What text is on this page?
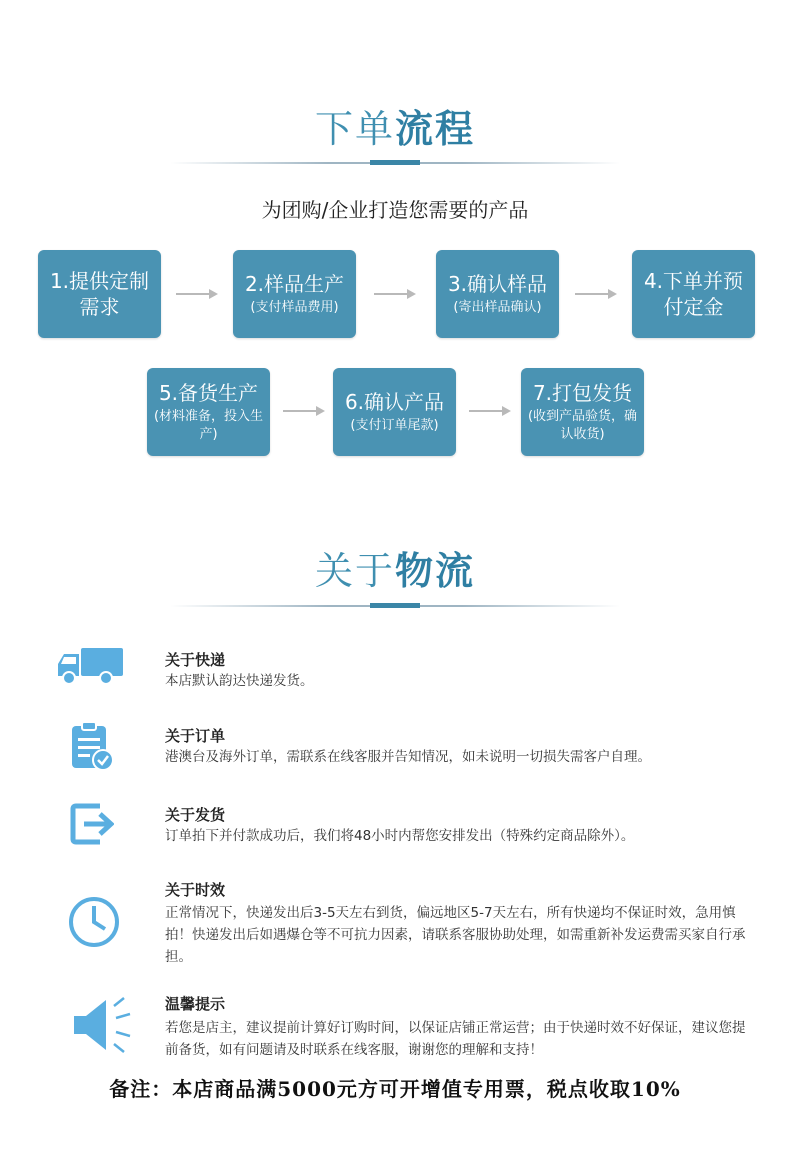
下单流程
为团购/企业打造您需要的产品
1.提供定制需求
2.样品生产
(支付样品费用)
3.确认样品
(寄出样品确认)
4.下单并预付定金
5.备货生产
(材料准备，投入生产)
6.确认产品
(支付订单尾款)
7.打包发货
(收到产品验货，确认收货)
关于物流
关于快递
本店默认韵达快递发货。
关于订单
港澳台及海外订单，需联系在线客服并告知情况，如未说明一切损失需客户自理。
关于发货
订单拍下并付款成功后，我们将48小时内帮您安排发出（特殊约定商品除外）。
关于时效
正常情况下，快递发出后3-5天左右到货，偏远地区5-7天左右，所有快递均不保证时效，急用慎拍！快递发出后如遇爆仓等不可抗力因素，请联系客服协助处理，如需重新补发运费需买家自行承担。
温馨提示
若您是店主，建议提前计算好订购时间，以保证店铺正常运营；由于快递时效不好保证，建议您提前备货，如有问题请及时联系在线客服，谢谢您的理解和支持！
备注：本店商品满5000元方可开增值专用票，税点收取10%
